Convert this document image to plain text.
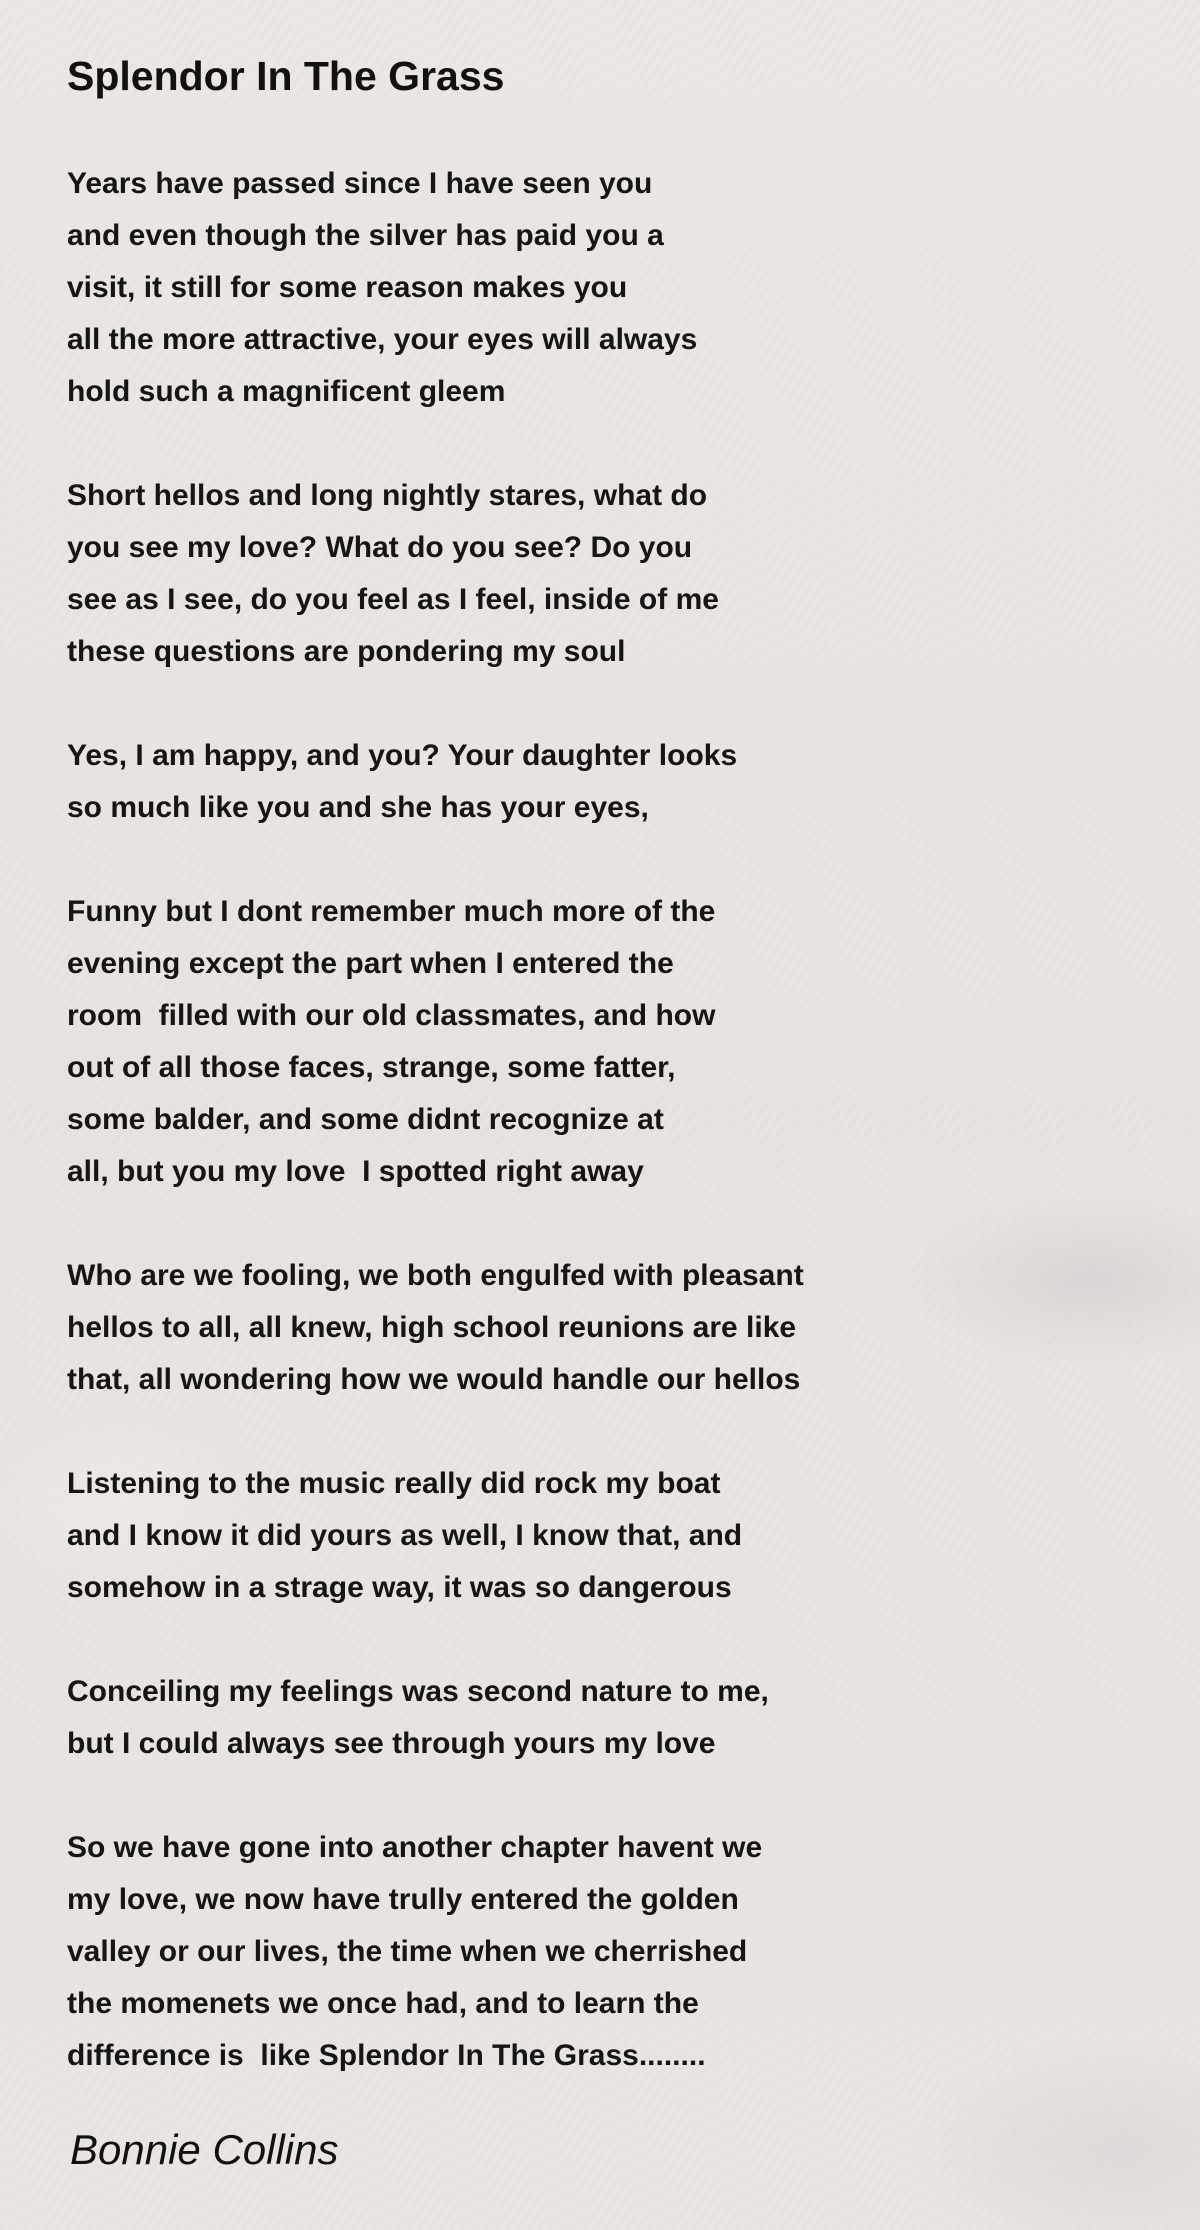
Splendor In The Grass
Years have passed since I have seen you
and even though the silver has paid you a
visit, it still for some reason makes you
all the more attractive, your eyes will always
hold such a magnificent gleem
Short hellos and long nightly stares, what do
you see my love? What do you see? Do you
see as I see, do you feel as I feel, inside of me
these questions are pondering my soul
Yes, I am happy, and you? Your daughter looks
so much like you and she has your eyes,
Funny but I dont remember much more of the
evening except the part when I entered the
room  filled with our old classmates, and how
out of all those faces, strange, some fatter,
some balder, and some didnt recognize at
all, but you my love  I spotted right away
Who are we fooling, we both engulfed with pleasant
hellos to all, all knew, high school reunions are like
that, all wondering how we would handle our hellos
Listening to the music really did rock my boat
and I know it did yours as well, I know that, and
somehow in a strage way, it was so dangerous
Conceiling my feelings was second nature to me,
but I could always see through yours my love
So we have gone into another chapter havent we
my love, we now have trully entered the golden
valley or our lives, the time when we cherrished
the momenets we once had, and to learn the
difference is  like Splendor In The Grass........
Bonnie Collins
